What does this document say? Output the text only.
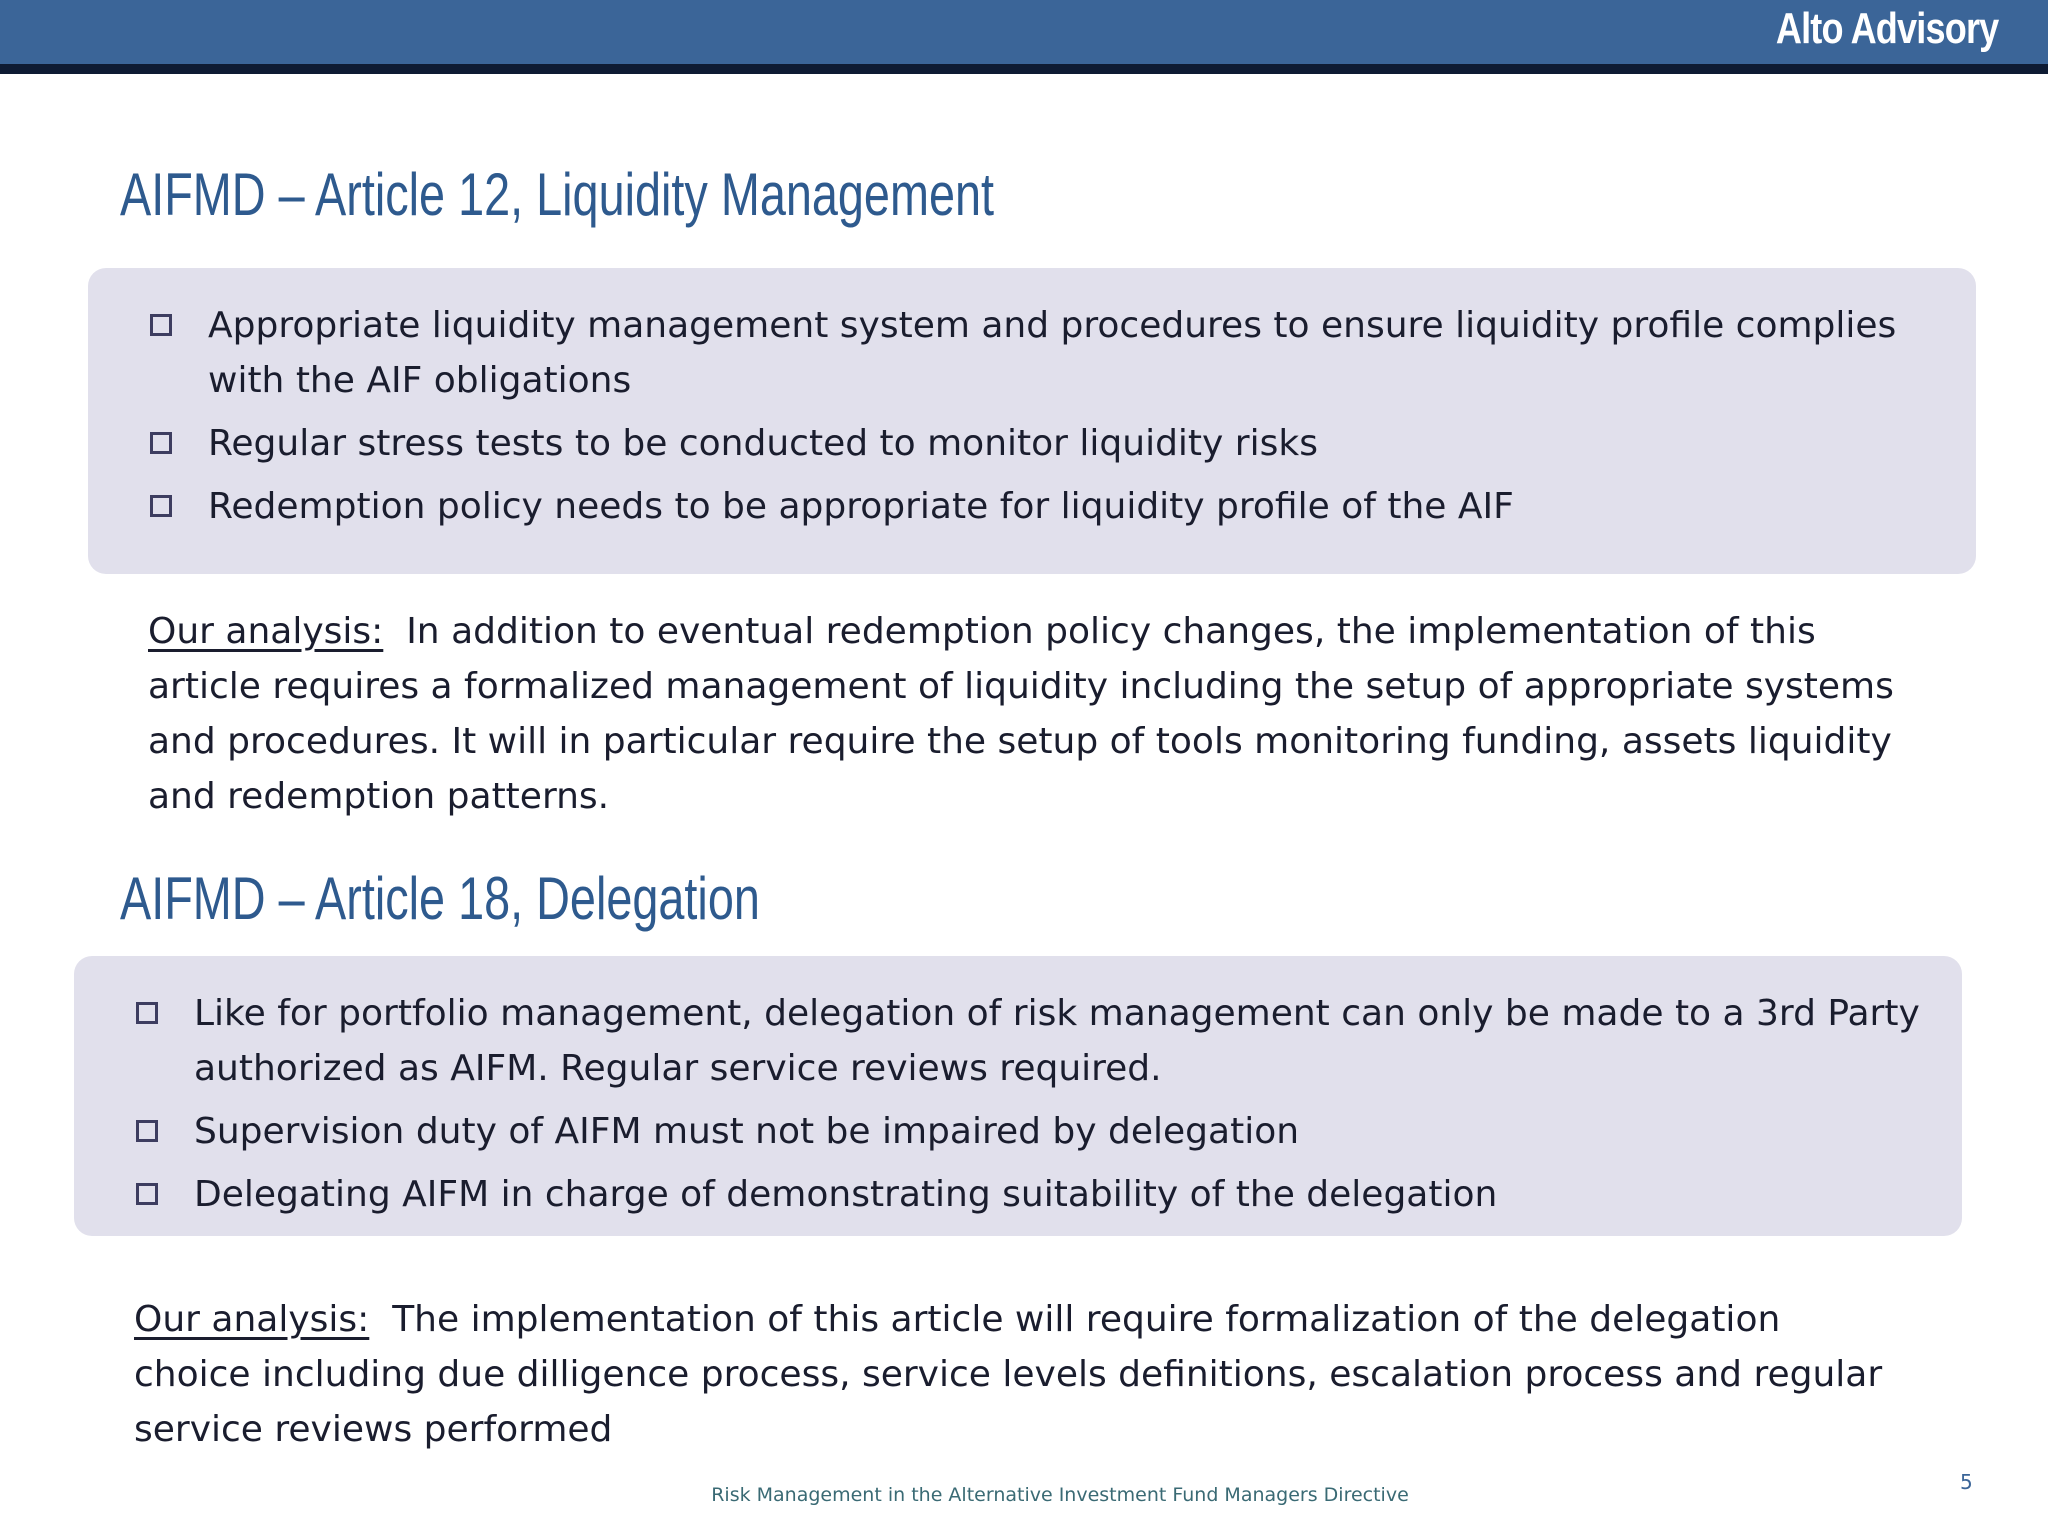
Alto Advisory
AIFMD – Article 12, Liquidity Management
Appropriate liquidity management system and procedures to ensure liquidity profile complies with the AIF obligations
Regular stress tests to be conducted to monitor liquidity risks
Redemption policy needs to be appropriate for liquidity profile of the AIF

Our analysis: In addition to eventual redemption policy changes, the implementation of this article requires a formalized management of liquidity including the setup of appropriate systems and procedures. It will in particular require the setup of tools monitoring funding, assets liquidity and redemption patterns.

AIFMD – Article 18, Delegation
Like for portfolio management, delegation of risk management can only be made to a 3rd Party authorized as AIFM. Regular service reviews required.
Supervision duty of AIFM must not be impaired by delegation
Delegating AIFM in charge of demonstrating suitability of the delegation

Our analysis: The implementation of this article will require formalization of the delegation choice including due dilligence process, service levels definitions, escalation process and regular service reviews performed

Risk Management in the Alternative Investment Fund Managers Directive
5
